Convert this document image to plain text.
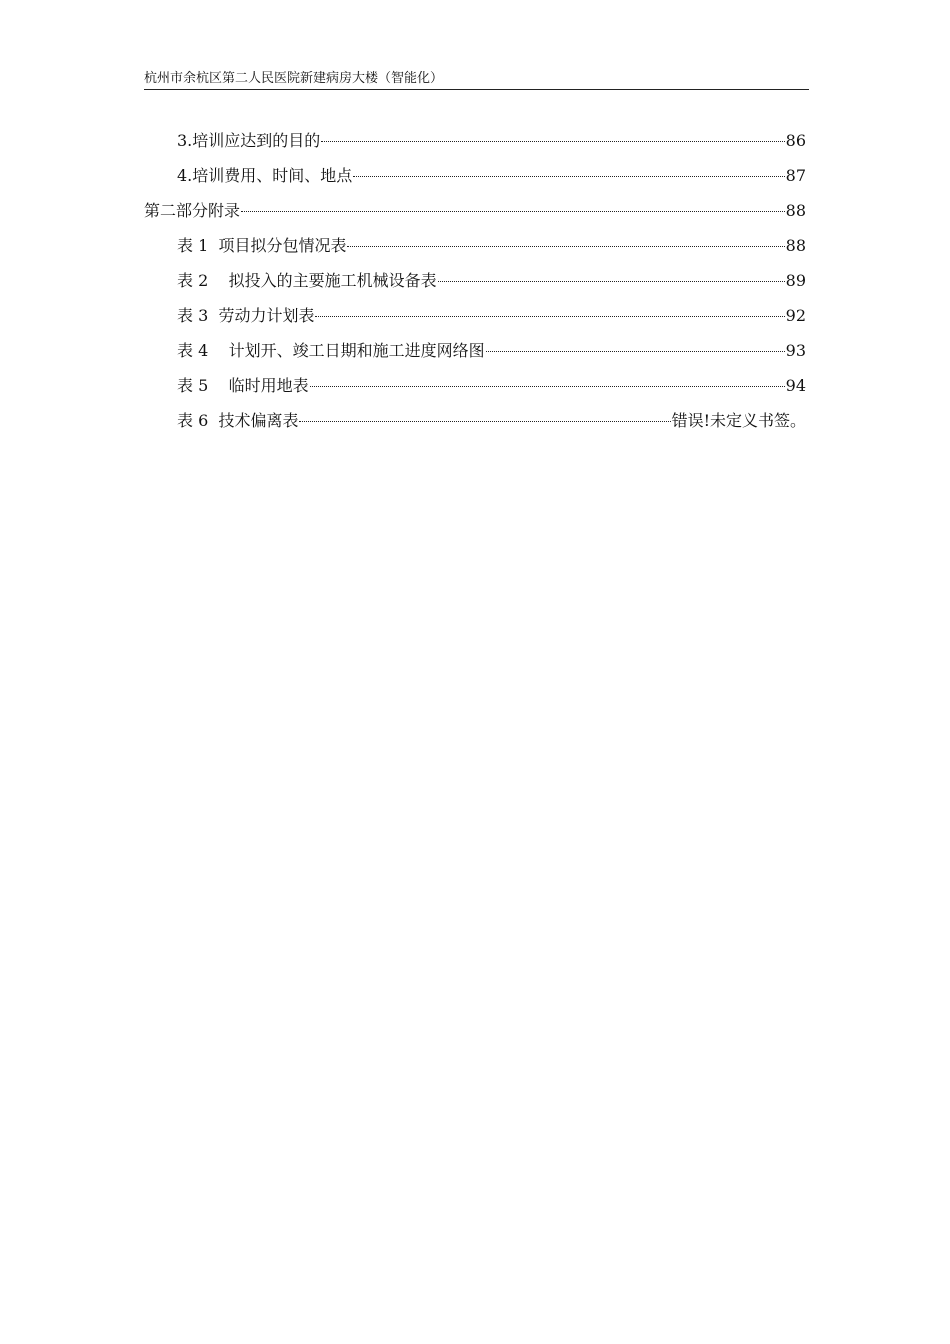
杭州市余杭区第二人民医院新建病房大楼（智能化）
3.培训应达到的目的	86
4.培训费用、时间、地点	87
第二部分附录	88
表 1  项目拟分包情况表	88
表 2    拟投入的主要施工机械设备表	89
表 3  劳动力计划表	92
表 4    计划开、竣工日期和施工进度网络图	93
表 5    临时用地表	94
表 6  技术偏离表	错误!未定义书签。
